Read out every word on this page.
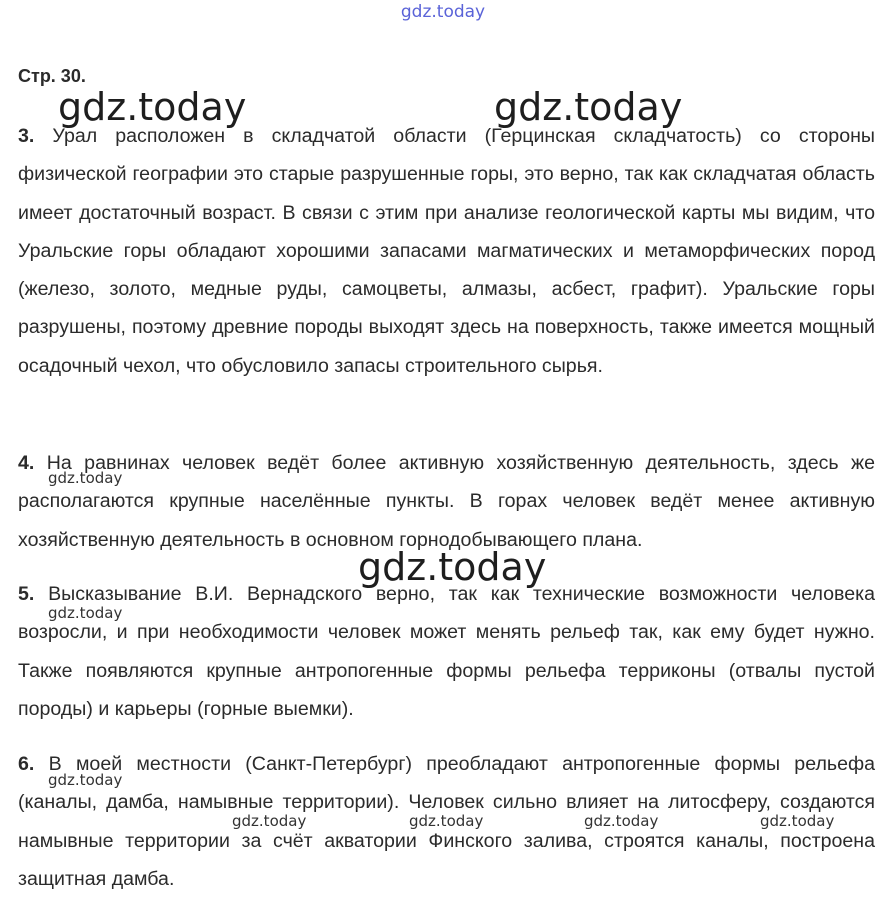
gdz.today
Стр. 30.
3. Урал расположен в складчатой области (Герцинская складчатость) со стороны физической географии это старые разрушенные горы, это верно, так как складчатая область имеет достаточный возраст. В связи с этим при анализе геологической карты мы видим, что Уральские горы обладают хорошими запасами магматических и метаморфических пород (железо, золото, медные руды, самоцветы, алмазы, асбест, графит). Уральские горы разрушены, поэтому древние породы выходят здесь на поверхность, также имеется мощный осадочный чехол, что обусловило запасы строительного сырья.
4. На равнинах человек ведёт более активную хозяйственную деятельность, здесь же располагаются крупные населённые пункты. В горах человек ведёт менее активную хозяйственную деятельность в основном горнодобывающего плана.
5. Высказывание В.И. Вернадского верно, так как технические возможности человека возросли, и при необходимости человек может менять рельеф так, как ему будет нужно. Также появляются крупные антропогенные формы рельефа терриконы (отвалы пустой породы) и карьеры (горные выемки).
6. В моей местности (Санкт-Петербург) преобладают антропогенные формы рельефа (каналы, дамба, намывные территории). Человек сильно влияет на литосферу, создаются намывные территории за счёт акватории Финского залива, строятся каналы, построена защитная дамба.
gdz.today	gdz.today
gdz.today
gdz.today
gdz.today
gdz.today
gdz.today	gdz.today	gdz.today	gdz.today
